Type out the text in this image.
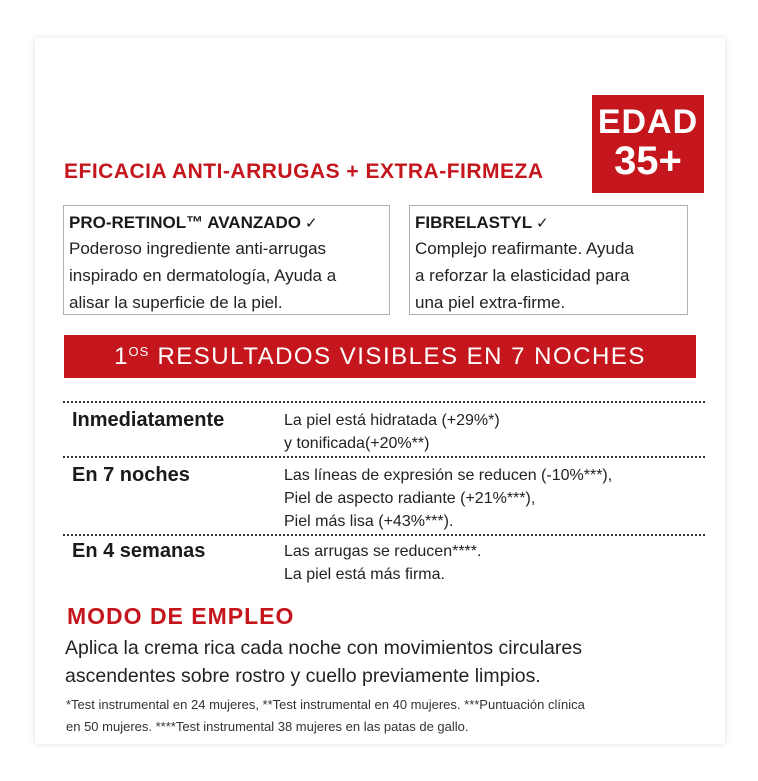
EDAD
35+
EFICACIA ANTI-ARRUGAS + EXTRA-FIRMEZA
PRO-RETINOL™ AVANZADO ✓
Poderoso ingrediente anti-arrugas
inspirado en dermatología, Ayuda a
alisar la superficie de la piel.
FIBRELASTYL ✓
Complejo reafirmante. Ayuda
a reforzar la elasticidad para
una piel extra-firme.
$1^{OS}$ RESULTADOS VISIBLES EN 7 NOCHES
Inmediatamente	La piel está hidratada (+29%*)
y tonificada(+20%**)
En 7 noches	Las líneas de expresión se reducen (-10%***),
Piel de aspecto radiante (+21%***),
Piel más lisa (+43%***).
En 4 semanas	Las arrugas se reducen****.
La piel está más firma.
MODO DE EMPLEO
Aplica la crema rica cada noche con movimientos circulares
ascendentes sobre rostro y cuello previamente limpios.
*Test instrumental en 24 mujeres, **Test instrumental en 40 mujeres. ***Puntuación clínica
en 50 mujeres. ****Test instrumental 38 mujeres en las patas de gallo.
